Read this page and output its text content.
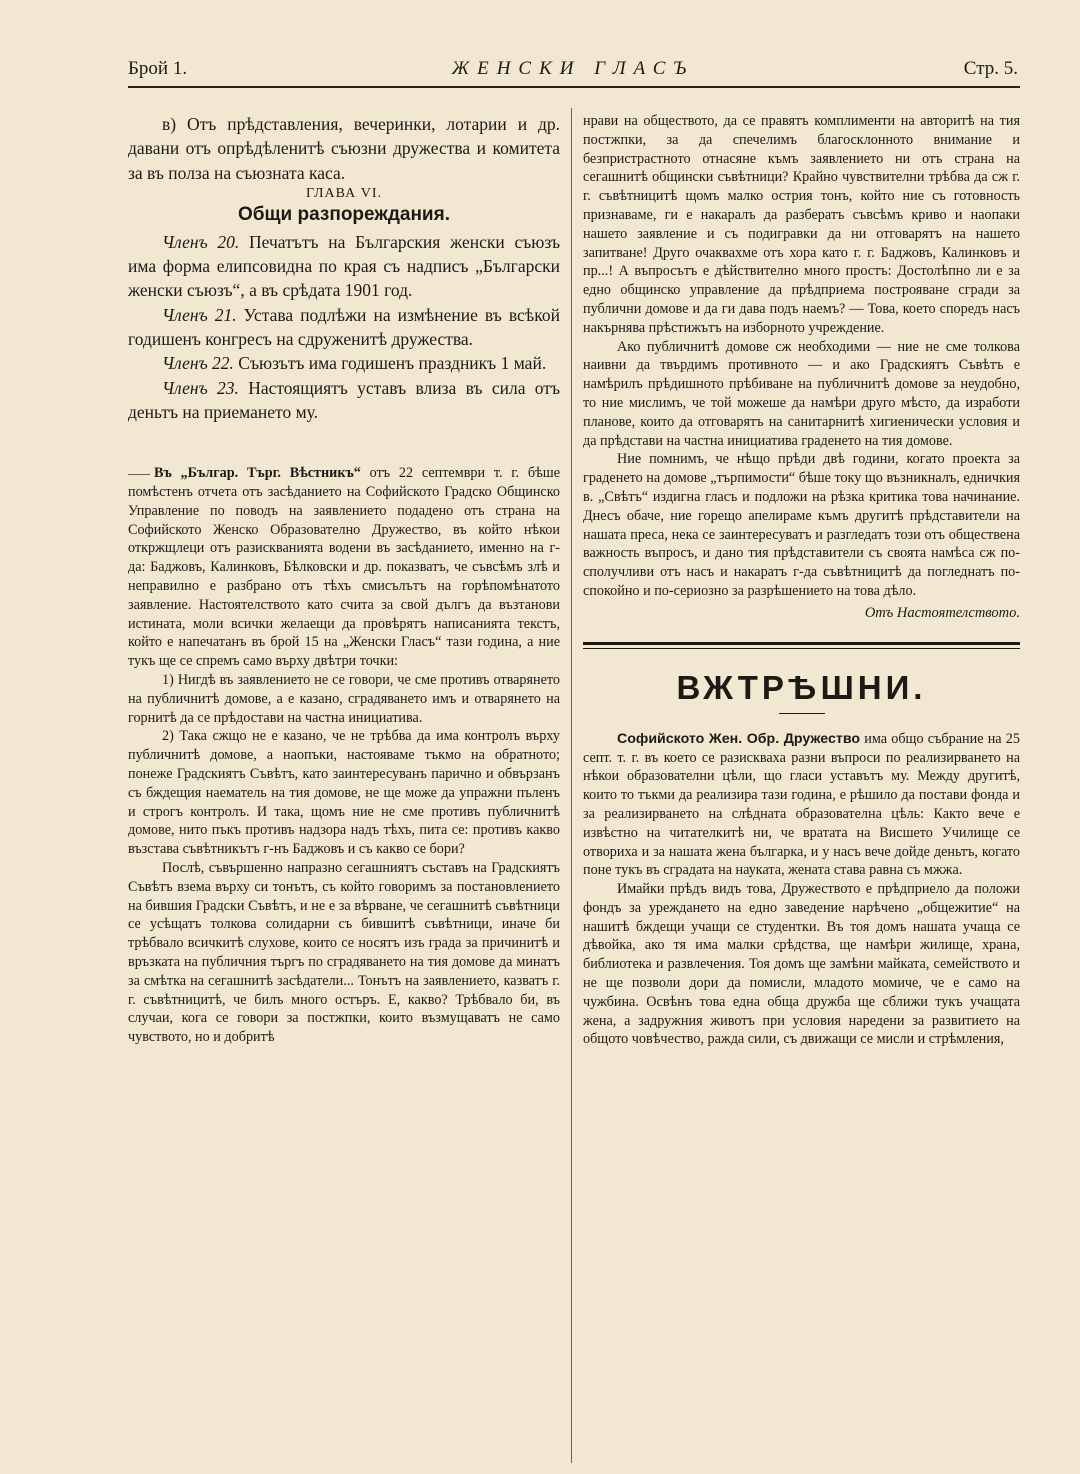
Брой 1.	ЖЕНСКИ ГЛАСЪ	Стр. 5.

в) Отъ прѣдставления, вечеринки, лотарии и др. давани отъ опрѣдѣленитѣ съюзни дружества и комитета за въ полза на съюзната каса.

ГЛАВА VI.
Общи разпореждания.

Членъ 20. Печатътъ на Българския женски съюзъ има форма елипсовидна по края съ надписъ „Български женски съюзъ“, а въ срѣдата 1901 год.

Членъ 21. Устава подлѣжи на измѣнение въ всѣкой годишенъ конгресъ на сдруженитѣ дружества.

Членъ 22. Съюзътъ има годишенъ праздникъ 1 май.

Членъ 23. Настоящиятъ уставъ влиза въ сила отъ деньтъ на приемането му.

Въ „Българ. Търг. Вѣстникъ“ отъ 22 септември т. г. бѣше помѣстенъ отчета отъ засѣданието на Софийското Градско Общинско Управление по поводъ на заявлението подадено отъ страна на Софийското Женско Образователно Дружество, въ който нѣкои откржщлеци отъ разискванията водени въ засѣданието, именно на г-да: Баджовъ, Калинковъ, Бѣлковски и др. показватъ, че съвсѣмъ злѣ и неправилно е разбрано отъ тѣхъ смисълътъ на горѣпомѣнатото заявление. Настоятелството като счита за свой дългъ да възтанови истината, моли всички желаещи да провѣрятъ написанията текстъ, който е напечатанъ въ брой 15 на „Женски Гласъ“ тази година, а ние тукъ ще се спремъ само върху двѣтри точки:

1) Нигдѣ въ заявлението не се говори, че сме противъ отварянето на публичнитѣ домове, а е казано, сградяването имъ и отварянето на горнитѣ да се прѣдостави на частна инициатива.

2) Така сжщо не е казано, че не трѣбва да има контролъ върху публичнитѣ домове, а наопъки, настояваме тъкмо на обратното; понеже Градскиятъ Съвѣтъ, като заинтересуванъ парично и обвързанъ съ бждещия наематель на тия домове, не ще може да упражни пъленъ и строгъ контролъ. И така, щомъ ние не сме противъ публичнитѣ домове, нито пъкъ противъ надзора надъ тѣхъ, пита се: противъ какво възстава съвѣтникътъ г-нъ Баджовъ и съ какво се бори?

Послѣ, съвършенно напразно сегашниятъ съставъ на Градскиятъ Съвѣтъ взема върху си тонътъ, съ който говоримъ за постановлението на бившия Градски Съвѣтъ, и не е за вѣрване, че сегашнитѣ съвѣтници се усѣщатъ толкова солидарни съ бившитѣ съвѣтници, иначе би трѣбвало всичкитѣ слухове, които се носятъ изъ града за причинитѣ и връзката на публичния търгъ по сградяването на тия домове да минатъ за смѣтка на сегашнитѣ засѣдатели... Тонътъ на заявлението, казватъ г. г. съвѣтницитѣ, че билъ много остъръ. Е, какво? Трѣбвало би, въ случаи, кога се говори за постжпки, които възмущаватъ не само чувството, но и добритѣ

нрави на обществото, да се правятъ комплименти на авторитѣ на тия постжпки, за да спечелимъ благосклонното внимание и безпристрастното отнасяне къмъ заявлението ни отъ страна на сегашнитѣ общински съвѣтници? Крайно чувствителни трѣбва да сж г. г. съвѣтницитѣ щомъ малко острия тонъ, който ние съ готовность признаваме, ги е накаралъ да разбератъ съвсѣмъ криво и наопаки нашето заявление и съ подигравки да ни отговарятъ на нашето запитване! Друго очаквахме отъ хора като г. г. Баджовъ, Калинковъ и пр...! А въпросътъ е дѣйствително много простъ: Достолѣпно ли е за едно общинско управление да прѣдприема построяване сгради за публични домове и да ги дава подъ наемъ? — Това, което споредъ насъ накърнява прѣстижътъ на изборното учреждение.

Ако публичнитѣ домове сж необходими — ние не сме толкова наивни да твърдимъ противното — и ако Градскиятъ Съвѣтъ е намѣрилъ прѣдишното прѣбиване на публичнитѣ домове за неудобно, то ние мислимъ, че той можеше да намѣри друго мѣсто, да изработи планове, които да отговарятъ на санитарнитѣ хигиенически условия и да прѣдстави на частна инициатива граденето на тия домове.

Ние помнимъ, че нѣщо прѣди двѣ години, когато проекта за граденето на домове „търпимости“ бѣше току що възникналъ, едничкия в. „Свѣтъ“ издигна гласъ и подложи на рѣзка критика това начинание. Днесъ обаче, ние горещо апелираме къмъ другитѣ прѣдставители на нашата преса, нека се заинтересуватъ и разгледатъ този отъ общественa важность въпросъ, и дано тия прѣдставители съ своята намѣса сж по-сполучливи отъ насъ и накаратъ г-да съвѣтницитѣ да погледнатъ по-спокойно и по-сериозно за разрѣшението на това дѣло.

Отъ Настоятелството.
ВЖТРѢШНИ.

Софийското Жен. Обр. Дружество има общо събрание на 25 септ. т. г. въ което се разискваха разни въпроси по реализирването на нѣкои образователни цѣли, що гласи уставътъ му. Между другитѣ, които то тъкми да реализира тази година, е рѣшило да постави фонда и за реализирването на слѣдната образователна цѣль: Както вече е извѣстно на читателкитѣ ни, че вратата на Висшето Училище се отвориха и за нашата жена българка, и у насъ вече дойде деньтъ, когато поне тукъ въ сградата на науката, жената става равна съ мжжа.

Имайки прѣдъ видъ това, Дружеството е прѣдприело да положи фондъ за уреждането на едно заведение нарѣчено „общежитие“ на нашитѣ бждещи учащи се студентки. Въ тоя домъ нашата учаща се дѣвойка, ако тя има малки срѣдства, ще намѣри жилище, храна, библиотека и развлечения. Тоя домъ ще замѣни майката, семейството и не ще позволи дори да помисли, младото момиче, че е само на чужбина. Освѣнъ това една обща дружба ще сближи тукъ учащата жена, а задружния животъ при условия наредени за развитието на общото човѣчество, ражда сили, съ движащи се мисли и стрѣмления,
